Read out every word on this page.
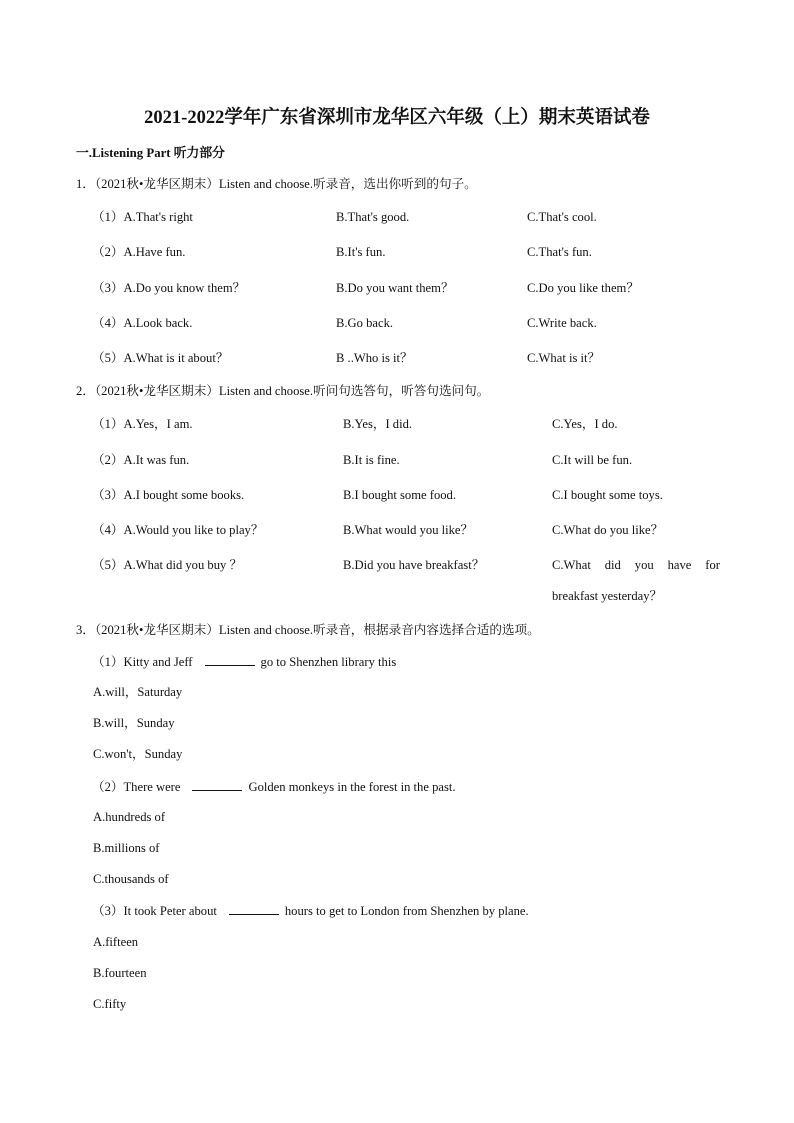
2021-2022学年广东省深圳市龙华区六年级（上）期末英语试卷
一.Listening Part 听力部分
1．（2021秋•龙华区期末）Listen and choose.听录音，选出你听到的句子。
（1）A.That's right	B.That's good.	C.That's cool.
（2）A.Have fun.	B.It's fun.	C.That's fun.
（3）A.Do you know them？	B.Do you want them？	C.Do you like them？
（4）A.Look back.	B.Go back.	C.Write back.
（5）A.What is it about？	B ..Who is it？	C.What is it？
2．（2021秋•龙华区期末）Listen and choose.听问句选答句，听答句选问句。
（1）A.Yes，I am.	B.Yes，I did.	C.Yes，I do.
（2）A.It was fun.	B.It is fine.	C.It will be fun.
（3）A.I bought some books.	B.I bought some food.	C.I bought some toys.
（4）A.Would you like to play？	B.What would you like？	C.What do you like？
（5）A.What did you buy ？	B.Did you have breakfast？	C.What did you have for
breakfast yesterday？
3．（2021秋•龙华区期末）Listen and choose.听录音，根据录音内容选择合适的选项。
（1）Kitty and Jeff	go to Shenzhen library this
A.will，Saturday
B.will，Sunday
C.won't，Sunday
（2）There were	Golden monkeys in the forest in the past.
A.hundreds of
B.millions of
C.thousands of
（3）It took Peter about	hours to get to London from Shenzhen by plane.
A.fifteen
B.fourteen
C.fifty
